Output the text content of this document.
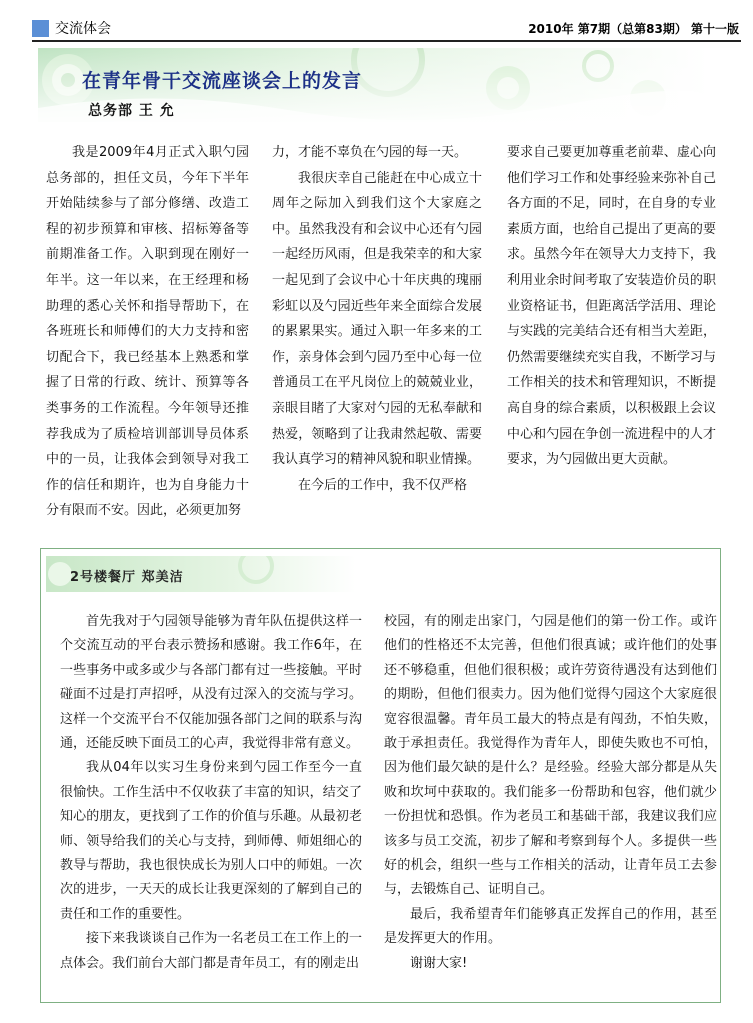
交流体会	2010年 第7期（总第83期） 第十一版
在青年骨干交流座谈会上的发言
总务部 王 允

我是2009年4月正式入职勺园总务部的，担任文员，今年下半年开始陆续参与了部分修缮、改造工程的初步预算和审核、招标筹备等前期准备工作。入职到现在刚好一年半。这一年以来，在王经理和杨助理的悉心关怀和指导帮助下，在各班班长和师傅们的大力支持和密切配合下，我已经基本上熟悉和掌握了日常的行政、统计、预算等各类事务的工作流程。今年领导还推荐我成为了质检培训部训导员体系中的一员，让我体会到领导对我工作的信任和期许，也为自身能力十分有限而不安。因此，必须更加努

力，才能不辜负在勺园的每一天。

我很庆幸自己能赶在中心成立十周年之际加入到我们这个大家庭之中。虽然我没有和会议中心还有勺园一起经历风雨，但是我荣幸的和大家一起见到了会议中心十年庆典的瑰丽彩虹以及勺园近些年来全面综合发展的累累果实。通过入职一年多来的工作，亲身体会到勺园乃至中心每一位普通员工在平凡岗位上的兢兢业业，亲眼目睹了大家对勺园的无私奉献和热爱，领略到了让我肃然起敬、需要我认真学习的精神风貌和职业情操。

在今后的工作中，我不仅严格

要求自己要更加尊重老前辈、虚心向他们学习工作和处事经验来弥补自己各方面的不足，同时，在自身的专业素质方面，也给自己提出了更高的要求。虽然今年在领导大力支持下，我利用业余时间考取了安装造价员的职业资格证书，但距离活学活用、理论与实践的完美结合还有相当大差距，仍然需要继续充实自我，不断学习与工作相关的技术和管理知识，不断提高自身的综合素质，以积极跟上会议中心和勺园在争创一流进程中的人才要求，为勺园做出更大贡献。

2号楼餐厅 郑美洁

首先我对于勺园领导能够为青年队伍提供这样一个交流互动的平台表示赞扬和感谢。我工作6年，在一些事务中或多或少与各部门都有过一些接触。平时碰面不过是打声招呼，从没有过深入的交流与学习。这样一个交流平台不仅能加强各部门之间的联系与沟通，还能反映下面员工的心声，我觉得非常有意义。

我从04年以实习生身份来到勺园工作至今一直很愉快。工作生活中不仅收获了丰富的知识，结交了知心的朋友，更找到了工作的价值与乐趣。从最初老师、领导给我们的关心与支持，到师傅、师姐细心的教导与帮助，我也很快成长为别人口中的师姐。一次次的进步，一天天的成长让我更深刻的了解到自己的责任和工作的重要性。

接下来我谈谈自己作为一名老员工在工作上的一点体会。我们前台大部门都是青年员工，有的刚走出

校园，有的刚走出家门，勺园是他们的第一份工作。或许他们的性格还不太完善，但他们很真诚；或许他们的处事还不够稳重，但他们很积极；或许劳资待遇没有达到他们的期盼，但他们很卖力。因为他们觉得勺园这个大家庭很宽容很温馨。青年员工最大的特点是有闯劲，不怕失败，敢于承担责任。我觉得作为青年人，即使失败也不可怕，因为他们最欠缺的是什么？是经验。经验大部分都是从失败和坎坷中获取的。我们能多一份帮助和包容，他们就少一份担忧和恐惧。作为老员工和基础干部，我建议我们应该多与员工交流，初步了解和考察到每个人。多提供一些好的机会，组织一些与工作相关的活动，让青年员工去参与，去锻炼自己、证明自己。

最后，我希望青年们能够真正发挥自己的作用，甚至是发挥更大的作用。

谢谢大家!
